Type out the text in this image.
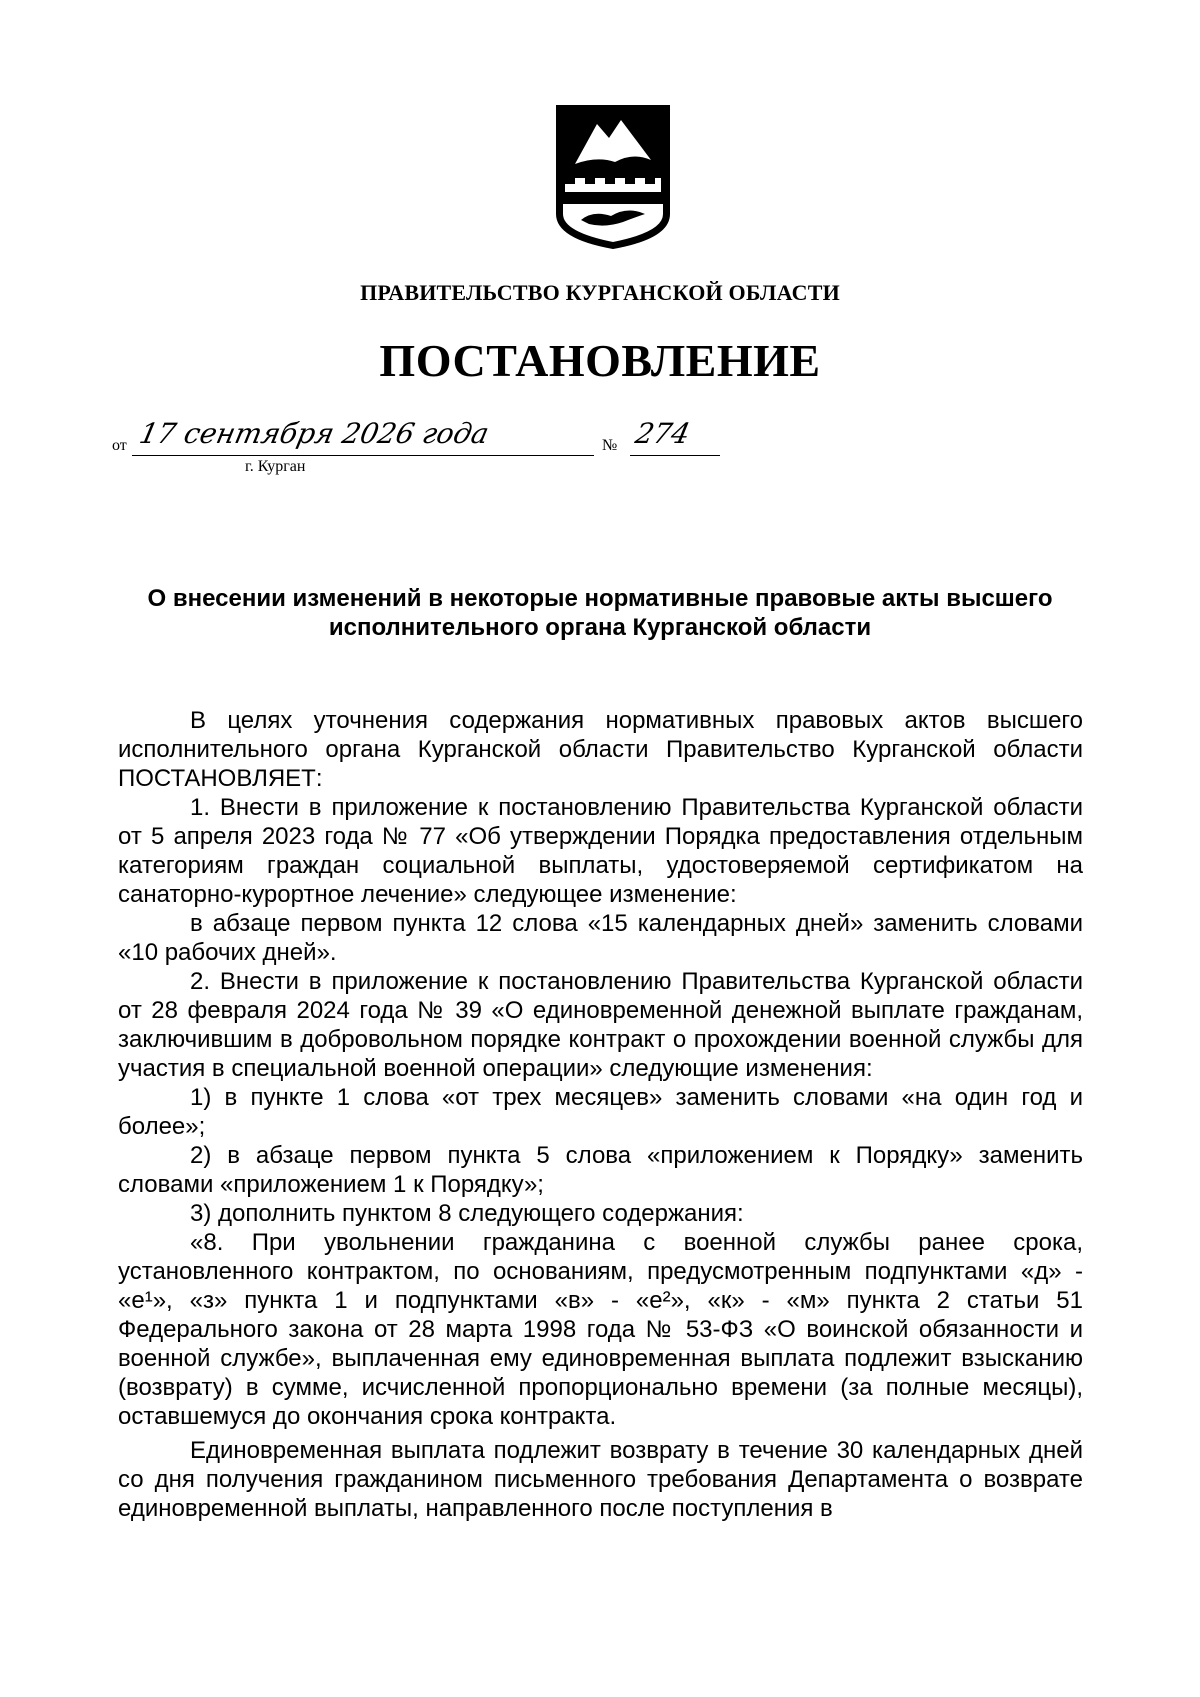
ПРАВИТЕЛЬСТВО КУРГАНСКОЙ ОБЛАСТИ
ПОСТАНОВЛЕНИЕ
от 17 сентября 2026 года	№ 274
г. Курган
О внесении изменений в некоторые нормативные правовые акты высшего исполнительного органа Курганской области

В целях уточнения содержания нормативных правовых актов высшего исполнительного органа Курганской области Правительство Курганской области ПОСТАНОВЛЯЕТ:

1. Внести в приложение к постановлению Правительства Курганской области от 5 апреля 2023 года № 77 «Об утверждении Порядка предоставления отдельным категориям граждан социальной выплаты, удостоверяемой сертификатом на санаторно-курортное лечение» следующее изменение:

в абзаце первом пункта 12 слова «15 календарных дней» заменить словами «10 рабочих дней».

2. Внести в приложение к постановлению Правительства Курганской области от 28 февраля 2024 года № 39 «О единовременной денежной выплате гражданам, заключившим в добровольном порядке контракт о прохождении военной службы для участия в специальной военной операции» следующие изменения:

1) в пункте 1 слова «от трех месяцев» заменить словами «на один год и более»;

2) в абзаце первом пункта 5 слова «приложением к Порядку» заменить словами «приложением 1 к Порядку»;

3) дополнить пунктом 8 следующего содержания:

«8. При увольнении гражданина с военной службы ранее срока, установленного контрактом, по основаниям, предусмотренным подпунктами «д» - «е¹», «з» пункта 1 и подпунктами «в» - «е²», «к» - «м» пункта 2 статьи 51 Федерального закона от 28 марта 1998 года № 53-ФЗ «О воинской обязанности и военной службе», выплаченная ему единовременная выплата подлежит взысканию (возврату) в сумме, исчисленной пропорционально времени (за полные месяцы), оставшемуся до окончания срока контракта.

Единовременная выплата подлежит возврату в течение 30 календарных дней со дня получения гражданином письменного требования Департамента о возврате единовременной выплаты, направленного после поступления в
